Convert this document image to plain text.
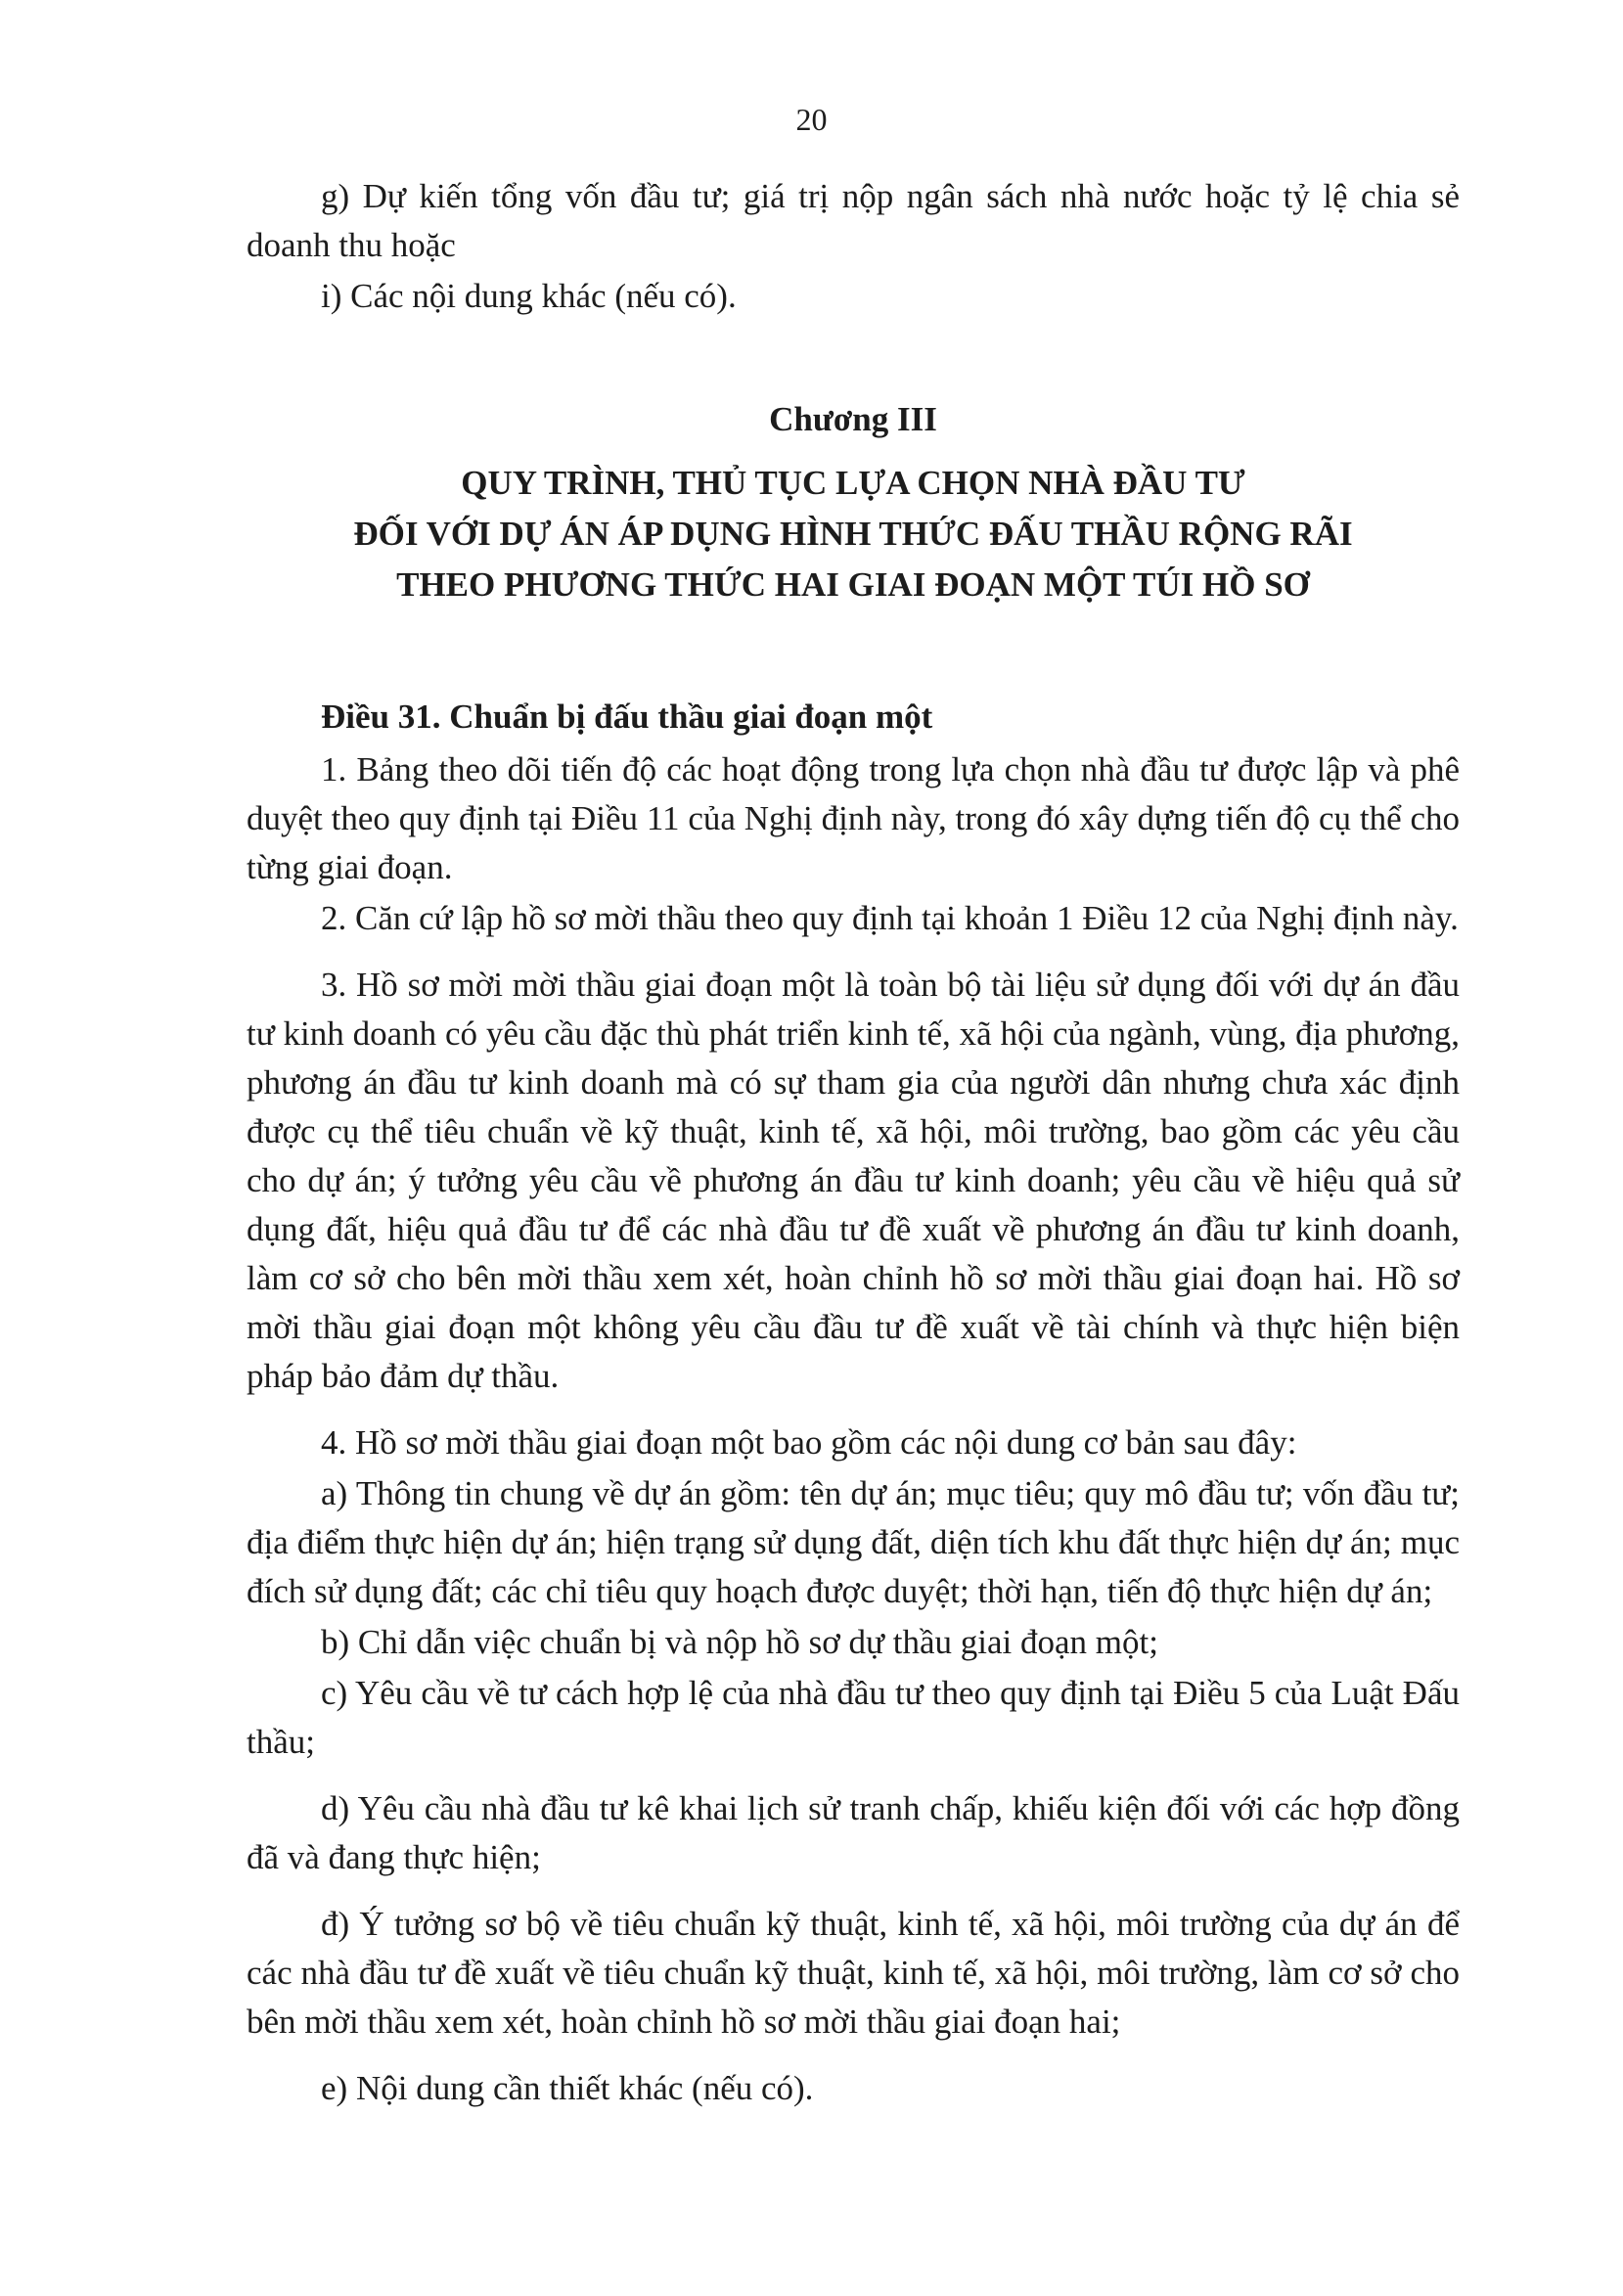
20

g) Dự kiến tổng vốn đầu tư; giá trị nộp ngân sách nhà nước hoặc tỷ lệ chia sẻ doanh thu hoặc

i) Các nội dung khác (nếu có).

Chương III

QUY TRÌNH, THỦ TỤC LỰA CHỌN NHÀ ĐẦU TƯ

ĐỐI VỚI DỰ ÁN ÁP DỤNG HÌNH THỨC ĐẤU THẦU RỘNG RÃI

THEO PHƯƠNG THỨC HAI GIAI ĐOẠN MỘT TÚI HỒ SƠ

Điều 31. Chuẩn bị đấu thầu giai đoạn một

1. Bảng theo dõi tiến độ các hoạt động trong lựa chọn nhà đầu tư được lập và phê duyệt theo quy định tại Điều 11 của Nghị định này, trong đó xây dựng tiến độ cụ thể cho từng giai đoạn.

2. Căn cứ lập hồ sơ mời thầu theo quy định tại khoản 1 Điều 12 của Nghị định này.

3. Hồ sơ mời mời thầu giai đoạn một là toàn bộ tài liệu sử dụng đối với dự án đầu tư kinh doanh có yêu cầu đặc thù phát triển kinh tế, xã hội của ngành, vùng, địa phương, phương án đầu tư kinh doanh mà có sự tham gia của người dân nhưng chưa xác định được cụ thể tiêu chuẩn về kỹ thuật, kinh tế, xã hội, môi trường, bao gồm các yêu cầu cho dự án; ý tưởng yêu cầu về phương án đầu tư kinh doanh; yêu cầu về hiệu quả sử dụng đất, hiệu quả đầu tư để các nhà đầu tư đề xuất về phương án đầu tư kinh doanh, làm cơ sở cho bên mời thầu xem xét, hoàn chỉnh hồ sơ mời thầu giai đoạn hai. Hồ sơ mời thầu giai đoạn một không yêu cầu đầu tư đề xuất về tài chính và thực hiện biện pháp bảo đảm dự thầu.

4. Hồ sơ mời thầu giai đoạn một bao gồm các nội dung cơ bản sau đây:

a) Thông tin chung về dự án gồm: tên dự án; mục tiêu; quy mô đầu tư; vốn đầu tư; địa điểm thực hiện dự án; hiện trạng sử dụng đất, diện tích khu đất thực hiện dự án; mục đích sử dụng đất; các chỉ tiêu quy hoạch được duyệt; thời hạn, tiến độ thực hiện dự án;

b) Chỉ dẫn việc chuẩn bị và nộp hồ sơ dự thầu giai đoạn một;

c) Yêu cầu về tư cách hợp lệ của nhà đầu tư theo quy định tại Điều 5 của Luật Đấu thầu;

d) Yêu cầu nhà đầu tư kê khai lịch sử tranh chấp, khiếu kiện đối với các hợp đồng đã và đang thực hiện;

đ) Ý tưởng sơ bộ về tiêu chuẩn kỹ thuật, kinh tế, xã hội, môi trường của dự án để các nhà đầu tư đề xuất về tiêu chuẩn kỹ thuật, kinh tế, xã hội, môi trường, làm cơ sở cho bên mời thầu xem xét, hoàn chỉnh hồ sơ mời thầu giai đoạn hai;

e) Nội dung cần thiết khác (nếu có).
